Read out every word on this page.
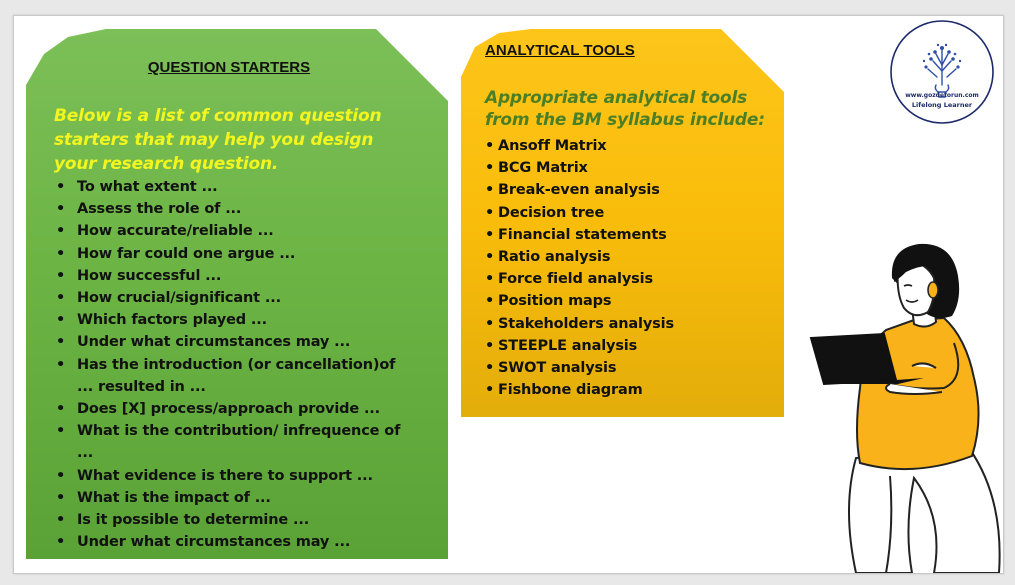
QUESTION STARTERS
Below is a list of common question starters that may help you design your research question.
• To what extent ...
• Assess the role of ...
• How accurate/reliable ...
• How far could one argue ...
• How successful ...
• How crucial/significant ...
• Which factors played ...
• Under what circumstances may ...
• Has the introduction (or cancellation)of ... resulted in ...
• Does [X] process/approach provide ...
• What is the contribution/ infrequence of ...
• What evidence is there to support ...
• What is the impact of ...
• Is it possible to determine ...
• Under what circumstances may ...
ANALYTICAL TOOLS
Appropriate analytical tools from the BM syllabus include:
• Ansoff Matrix
• BCG Matrix
• Break-even analysis
• Decision tree
• Financial statements
• Ratio analysis
• Force field analysis
• Position maps
• Stakeholders analysis
• STEEPLE analysis
• SWOT analysis
• Fishbone diagram
www.gozdetorun.com
Lifelong Learner
